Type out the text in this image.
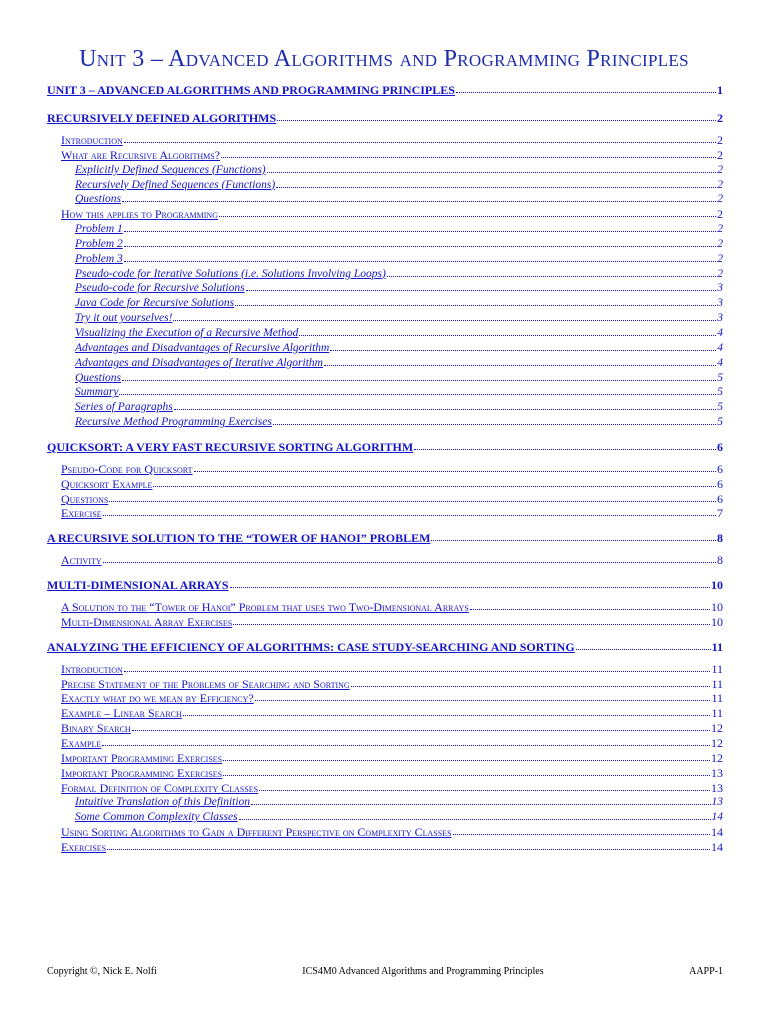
Unit 3 – Advanced Algorithms and Programming Principles
UNIT 3 – ADVANCED ALGORITHMS AND PROGRAMMING PRINCIPLES	1
RECURSIVELY DEFINED ALGORITHMS	2
Introduction	2
What are Recursive Algorithms?	2
Explicitly Defined Sequences (Functions)	2
Recursively Defined Sequences (Functions)	2
Questions	2
How this applies to Programming	2
Problem 1	2
Problem 2	2
Problem 3	2
Pseudo-code for Iterative Solutions (i.e. Solutions Involving Loops)	2
Pseudo-code for Recursive Solutions	3
Java Code for Recursive Solutions	3
Try it out yourselves!	3
Visualizing the Execution of a Recursive Method	4
Advantages and Disadvantages of Recursive Algorithm	4
Advantages and Disadvantages of Iterative Algorithm	4
Questions	5
Summary	5
Series of Paragraphs	5
Recursive Method Programming Exercises	5
QUICKSORT: A VERY FAST RECURSIVE SORTING ALGORITHM	6
Pseudo-Code for Quicksort	6
Quicksort Example	6
Questions	6
Exercise	7
A RECURSIVE SOLUTION TO THE “TOWER OF HANOI” PROBLEM	8
Activity	8
MULTI-DIMENSIONAL ARRAYS	10
A Solution to the “Tower of Hanoi” Problem that uses two Two-Dimensional Arrays	10
Multi-Dimensional Array Exercises	10
ANALYZING THE EFFICIENCY OF ALGORITHMS: CASE STUDY-SEARCHING AND SORTING	11
Introduction	11
Precise Statement of the Problems of Searching and Sorting	11
Exactly what do we mean by Efficiency?	11
Example – Linear Search	11
Binary Search	12
Example	12
Important Programming Exercises	12
Important Programming Exercises	13
Formal Definition of Complexity Classes	13
Intuitive Translation of this Definition	13
Some Common Complexity Classes	14
Using Sorting Algorithms to Gain a Different Perspective on Complexity Classes	14
Exercises	14
Copyright ©, Nick E. Nolfi	ICS4M0 Advanced Algorithms and Programming Principles	AAPP-1
